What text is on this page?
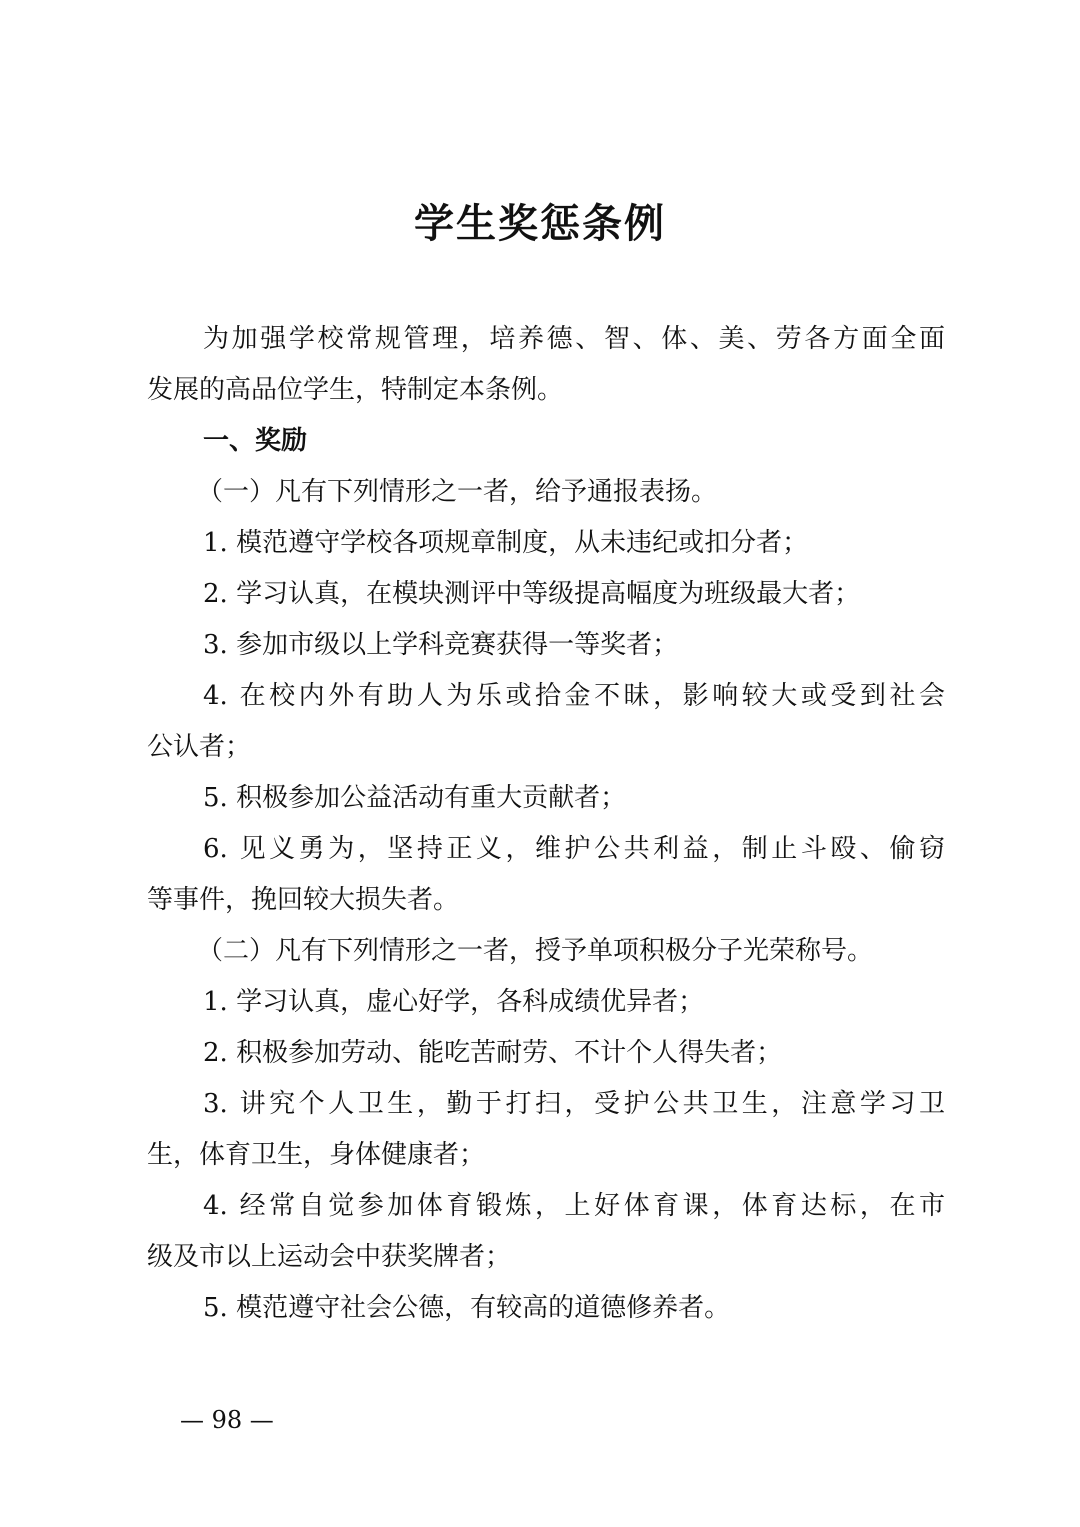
学生奖惩条例
为加强学校常规管理，培养德、智、体、美、劳各方面全面
发展的高品位学生，特制定本条例。
一、奖励
（一）凡有下列情形之一者，给予通报表扬。
1. 模范遵守学校各项规章制度，从未违纪或扣分者；
2. 学习认真，在模块测评中等级提高幅度为班级最大者；
3. 参加市级以上学科竞赛获得一等奖者；
4. 在校内外有助人为乐或拾金不昧，影响较大或受到社会
公认者；
5. 积极参加公益活动有重大贡献者；
6. 见义勇为，坚持正义，维护公共利益，制止斗殴、偷窃
等事件，挽回较大损失者。
（二）凡有下列情形之一者，授予单项积极分子光荣称号。
1. 学习认真，虚心好学，各科成绩优异者；
2. 积极参加劳动、能吃苦耐劳、不计个人得失者；
3. 讲究个人卫生，勤于打扫，受护公共卫生，注意学习卫
生，体育卫生，身体健康者；
4. 经常自觉参加体育锻炼，上好体育课，体育达标，在市
级及市以上运动会中获奖牌者；
5. 模范遵守社会公德，有较高的道德修养者。
— 98 —
